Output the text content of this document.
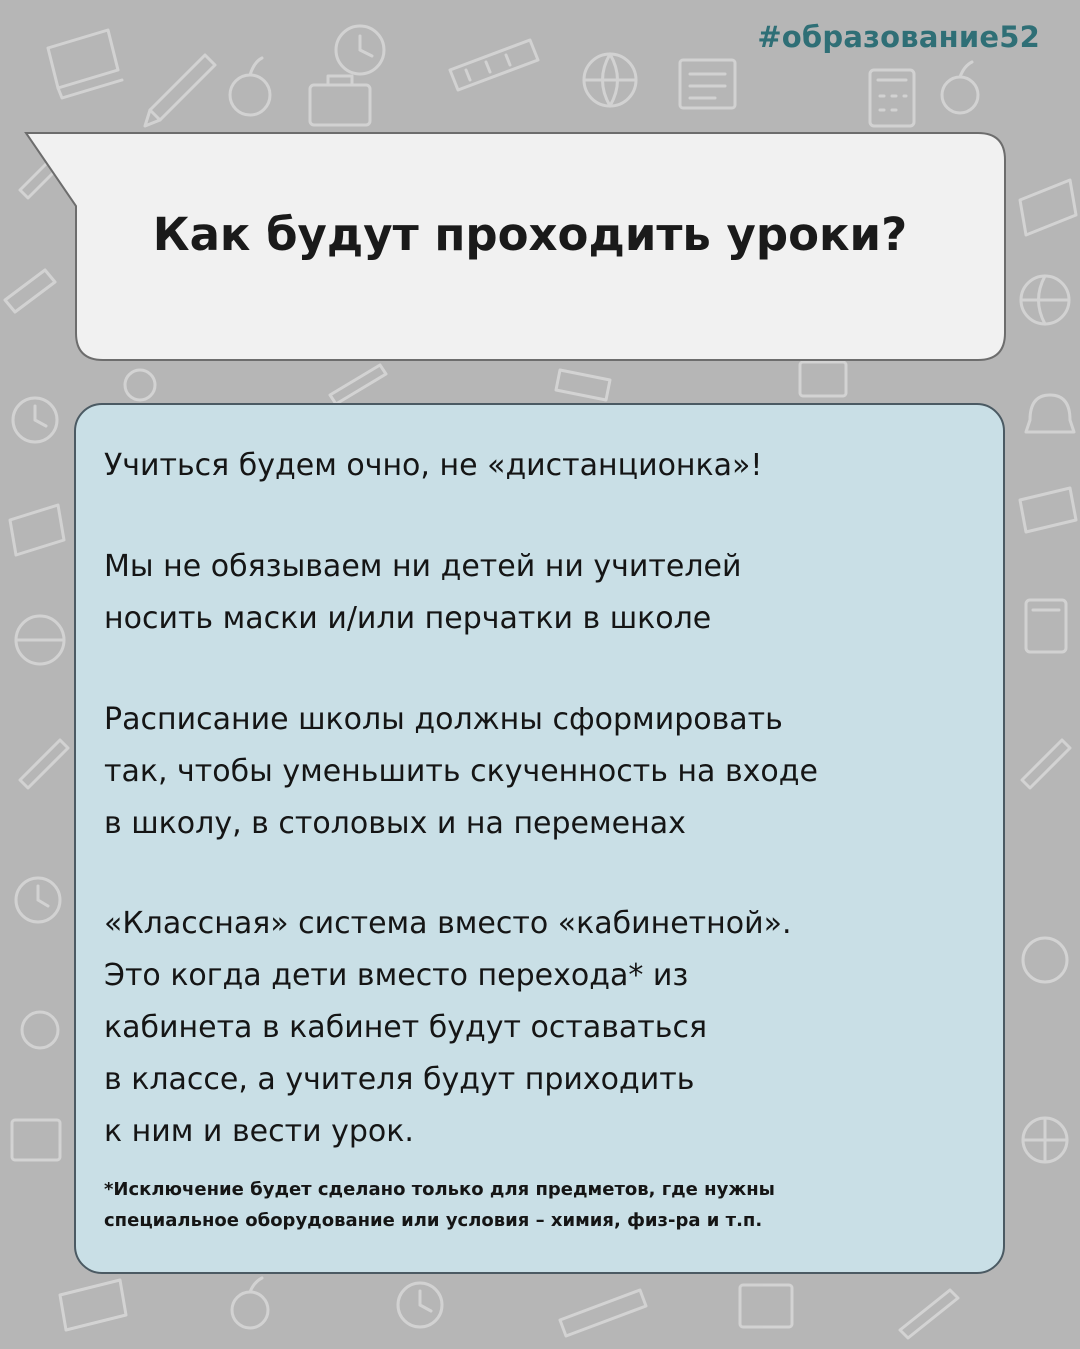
#образование52
Как будут проходить уроки?
Учиться будем очно, не «дистанционка»!
Мы не обязываем ни детей ни учителей
носить маски и/или перчатки в школе
Расписание школы должны сформировать
так, чтобы уменьшить скученность на входе
в школу, в столовых и на переменах
«Классная» система вместо «кабинетной».
Это когда дети вместо перехода* из
кабинета в кабинет будут оставаться
в классе, а учителя будут приходить
к ним и вести урок.
*Исключение будет сделано только для предметов, где нужны
специальное оборудование или условия – химия, физ-ра и т.п.
